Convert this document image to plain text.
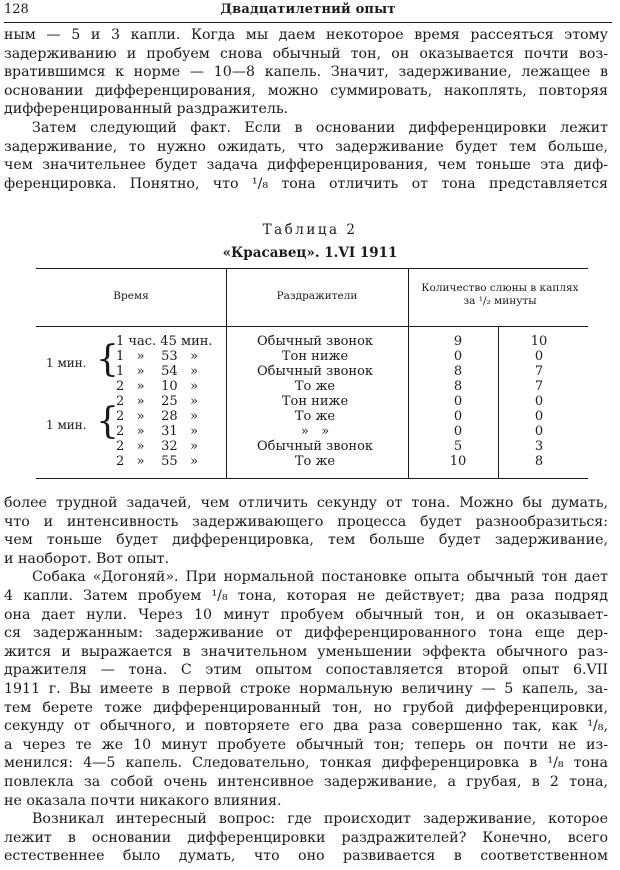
128	Двадцатилетний опыт
ным — 5 и 3 капли. Когда мы даем некоторое время рассеяться этому
задерживанию и пробуем снова обычный тон, он оказывается почти воз-
вратившимся к норме — 10—8 капель. Значит, задерживание, лежащее в
основании дифференцирования, можно суммировать, накоплять, повторяя
дифференцированный раздражитель.
Затем следующий факт. Если в основании дифференцировки лежит
задерживание, то нужно ожидать, что задерживание будет тем больше,
чем значительнее будет задача дифференцирования, чем тоньше эта диф-
ференцировка. Понятно, что ¹/₈ тона отличить от тона представляется
Таблица 2
«Красавец». 1.VI 1911
Время	Раздражители
Количество слюны в каплях за ¹/₂ минуты
1 мин. {
1 мин. {
1 час. 45 мин.	Обычный звонок	9	10
1   »    53   »	Тон ниже	0	0
1   »    54   »	Обычный звонок	8	7
2   »    10   »	То же	8	7
2   »    25   »	Тон ниже	0	0
2   »    28   »	То же	0	0
2   »    31   »	»   »	0	0
2   »    32   »	Обычный звонок	5	3
2   »    55   »	То же	10	8
более трудной задачей, чем отличить секунду от тона. Можно бы думать,
что и интенсивность задерживающего процесса будет разнообразиться:
чем тоньше будет дифференцировка, тем больше будет задерживание,
и наоборот. Вот опыт.
Собака «Догоняй». При нормальной постановке опыта обычный тон дает
4 капли. Затем пробуем ¹/₈ тона, которая не действует; два раза подряд
она дает нули. Через 10 минут пробуем обычный тон, и он оказывает-
ся задержанным: задерживание от дифференцированного тона еще дер-
жится и выражается в значительном уменьшении эффекта обычного раз-
дражителя — тона. С этим опытом сопоставляется второй опыт 6.VII
1911 г. Вы имеете в первой строке нормальную величину — 5 капель, за-
тем берете тоже дифференцированный тон, но грубой дифференцировки,
секунду от обычного, и повторяете его два раза совершенно так, как ¹/₈,
а через те же 10 минут пробуете обычный тон; теперь он почти не из-
менился: 4—5 капель. Следовательно, тонкая дифференцировка в ¹/₈ тона
повлекла за собой очень интенсивное задерживание, а грубая, в 2 тона,
не оказала почти никакого влияния.
Возникал интересный вопрос: где происходит задерживание, которое
лежит в основании дифференцировки раздражителей? Конечно, всего
естественнее было думать, что оно развивается в соответственном
